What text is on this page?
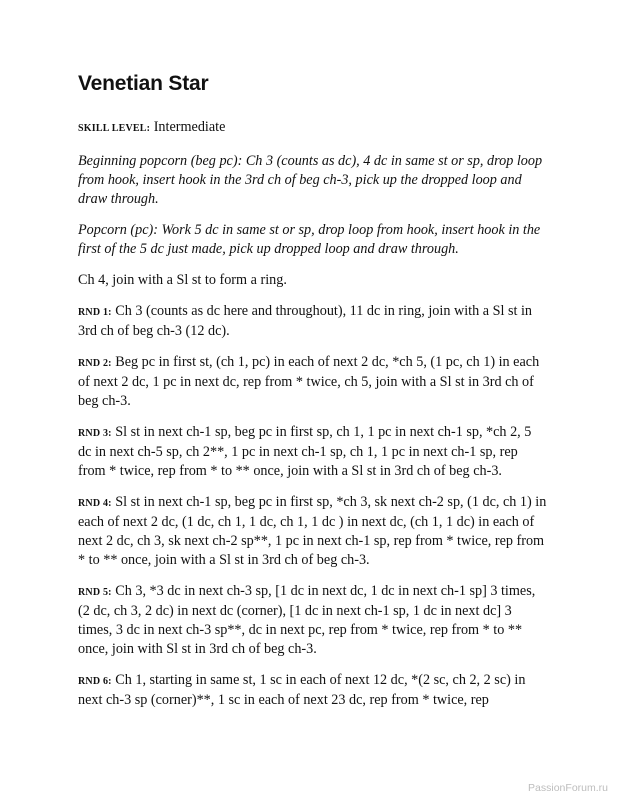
Venetian Star

SKILL LEVEL: Intermediate

Beginning popcorn (beg pc): Ch 3 (counts as dc), 4 dc in same st or sp, drop loop from hook, insert hook in the 3rd ch of beg ch-3, pick up the dropped loop and draw through.

Popcorn (pc): Work 5 dc in same st or sp, drop loop from hook, insert hook in the first of the 5 dc just made, pick up dropped loop and draw through.

Ch 4, join with a Sl st to form a ring.

RND 1: Ch 3 (counts as dc here and throughout), 11 dc in ring, join with a Sl st in 3rd ch of beg ch-3 (12 dc).

RND 2: Beg pc in first st, (ch 1, pc) in each of next 2 dc, *ch 5, (1 pc, ch 1) in each of next 2 dc, 1 pc in next dc, rep from * twice, ch 5, join with a Sl st in 3rd ch of beg ch-3.

RND 3: Sl st in next ch-1 sp, beg pc in first sp, ch 1, 1 pc in next ch-1 sp, *ch 2, 5 dc in next ch-5 sp, ch 2**, 1 pc in next ch-1 sp, ch 1, 1 pc in next ch-1 sp, rep from * twice, rep from * to ** once, join with a Sl st in 3rd ch of beg ch-3.

RND 4: Sl st in next ch-1 sp, beg pc in first sp, *ch 3, sk next ch-2 sp, (1 dc, ch 1) in each of next 2 dc, (1 dc, ch 1, 1 dc, ch 1, 1 dc ) in next dc, (ch 1, 1 dc) in each of next 2 dc, ch 3, sk next ch-2 sp**, 1 pc in next ch-1 sp, rep from * twice, rep from * to ** once, join with a Sl st in 3rd ch of beg ch-3.

RND 5: Ch 3, *3 dc in next ch-3 sp, [1 dc in next dc, 1 dc in next ch-1 sp] 3 times, (2 dc, ch 3, 2 dc) in next dc (corner), [1 dc in next ch-1 sp, 1 dc in next dc] 3 times, 3 dc in next ch-3 sp**, dc in next pc, rep from * twice, rep from * to ** once, join with Sl st in 3rd ch of beg ch-3.

RND 6: Ch 1, starting in same st, 1 sc in each of next 12 dc, *(2 sc, ch 2, 2 sc) in next ch-3 sp (corner)**, 1 sc in each of next 23 dc, rep from * twice, rep

PassionForum.ru
